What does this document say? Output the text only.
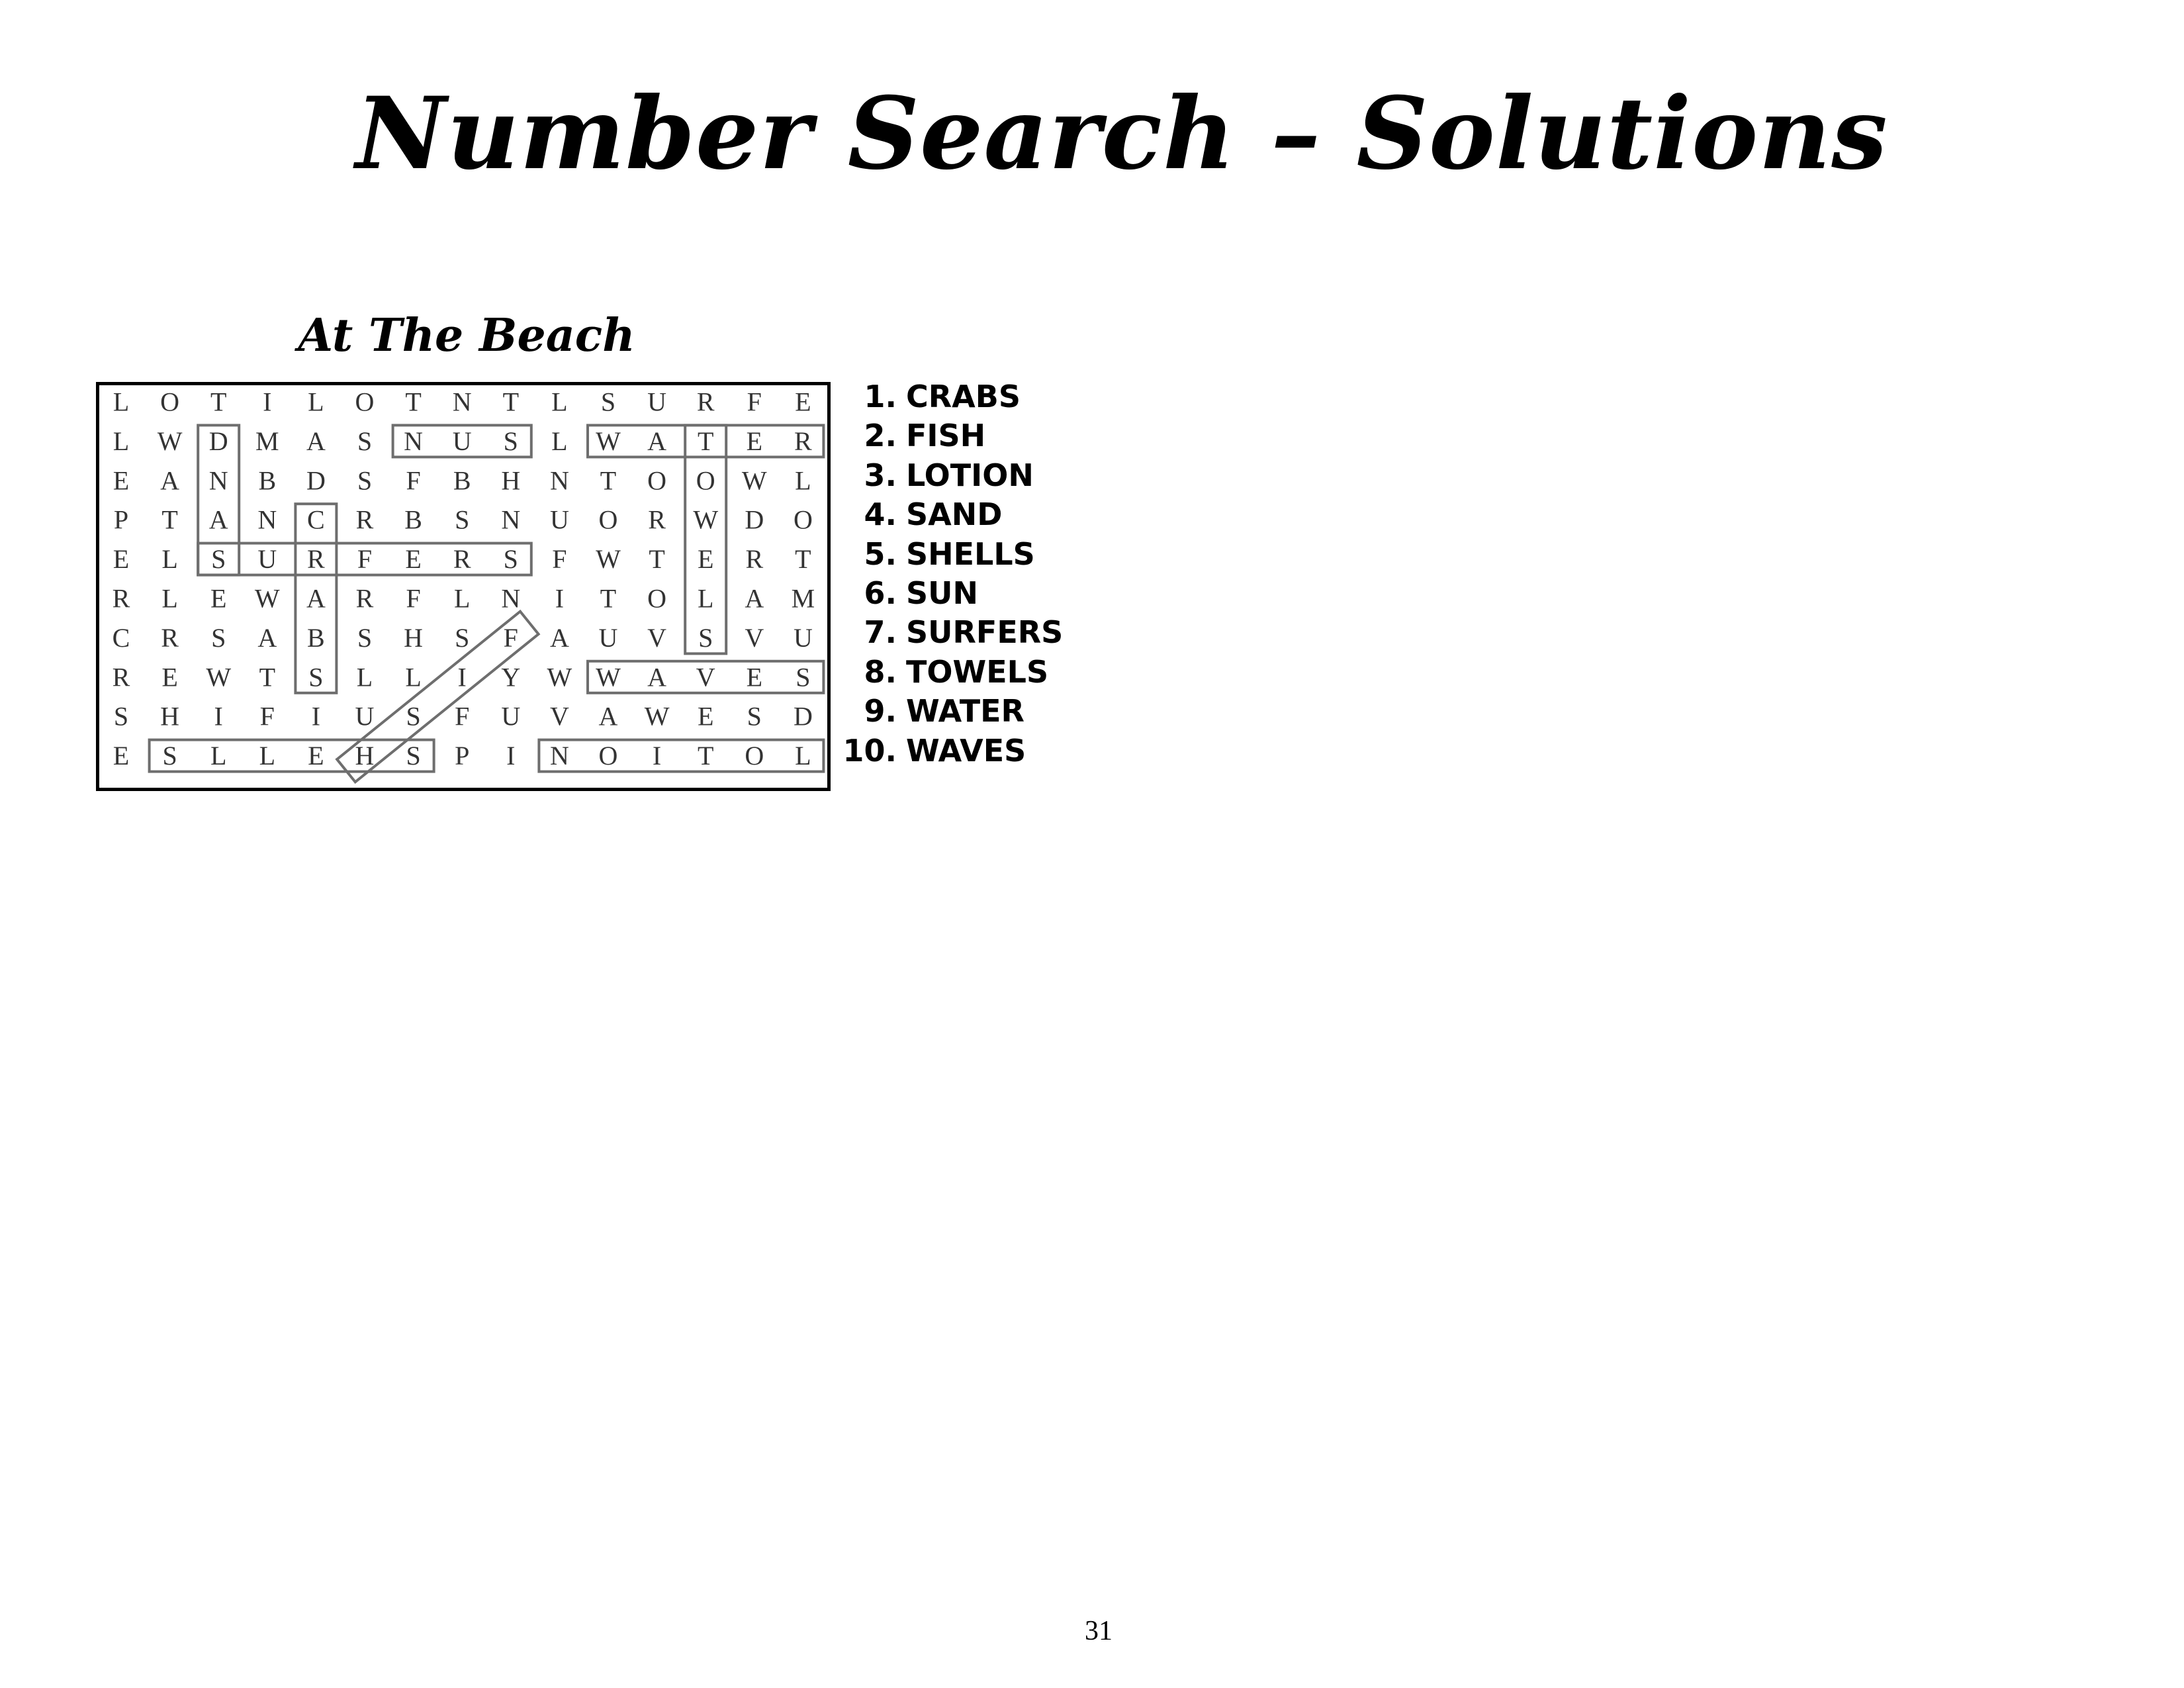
Number Search – Solutions
At The Beach
L O T I L O T N T L S U R F E
L W D M A S N U S L W A T E R
E A N B D S F B H N T O O W L
P T A N C R B S N U O R W D O
E L S U R F E R S F W T E R T
R L E W A R F L N I T O L A M
C R S A B S H S F A U V S V U
R E W T S L L I Y W W A V E S
S H I F I U S F U V A W E S D
E S L L E H S P I N O I T O L
1. CRABS
2. FISH
3. LOTION
4. SAND
5. SHELLS
6. SUN
7. SURFERS
8. TOWELS
9. WATER
10. WAVES
31
